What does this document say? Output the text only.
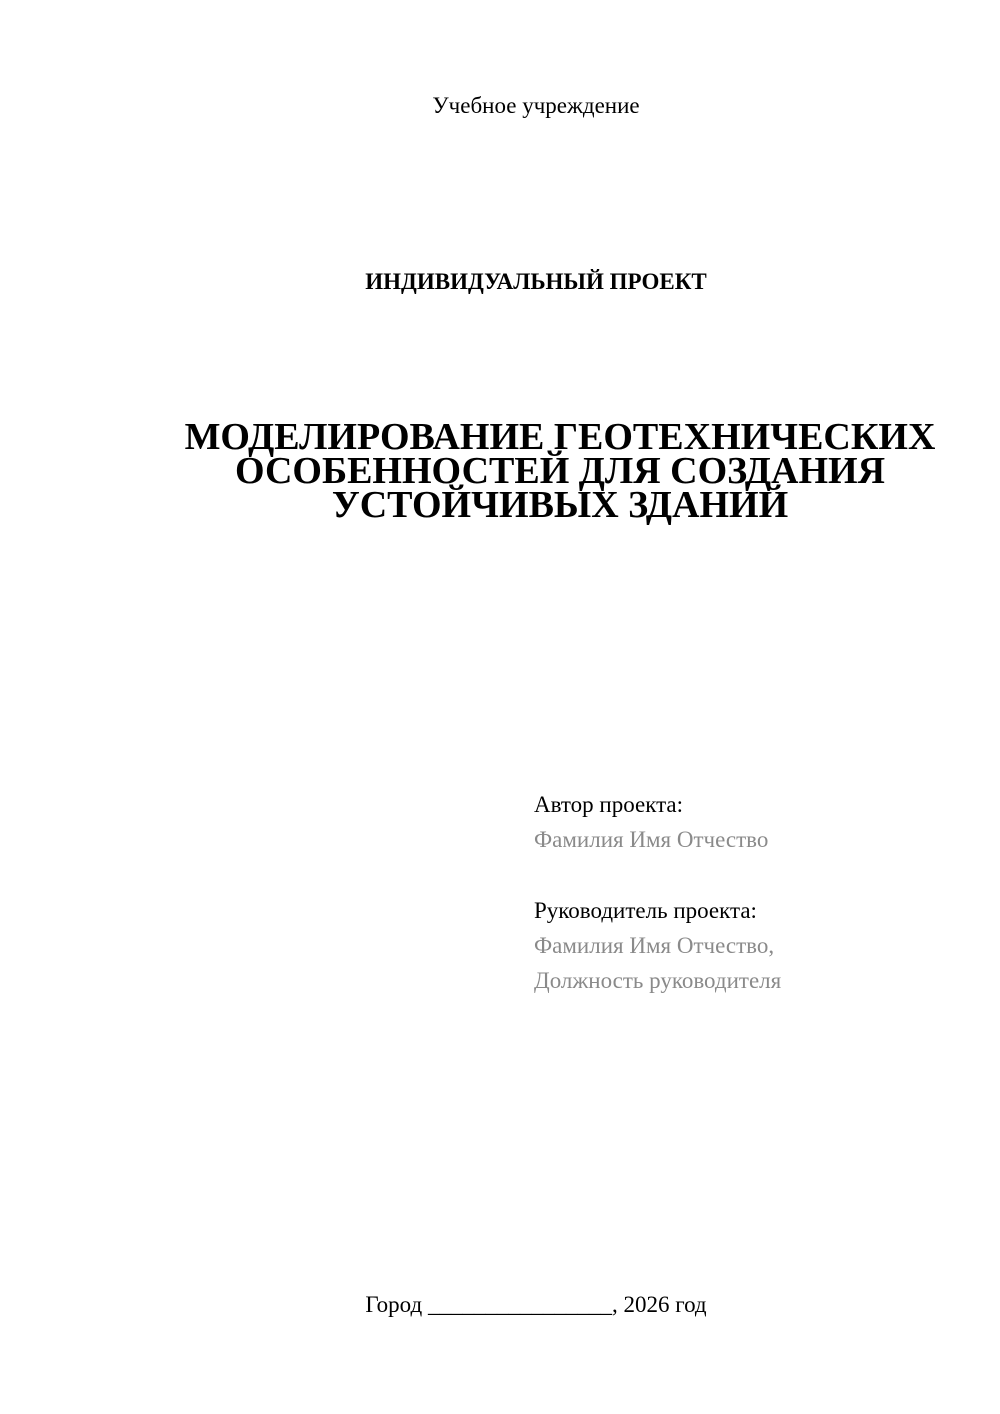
Учебное учреждение
ИНДИВИДУАЛЬНЫЙ ПРОЕКТ
МОДЕЛИРОВАНИЕ ГЕОТЕХНИЧЕСКИХ
ОСОБЕННОСТЕЙ ДЛЯ СОЗДАНИЯ
УСТОЙЧИВЫХ ЗДАНИЙ
Автор проекта:
Фамилия Имя Отчество
Руководитель проекта:
Фамилия Имя Отчество,
Должность руководителя
Город ________________, 2026 год
